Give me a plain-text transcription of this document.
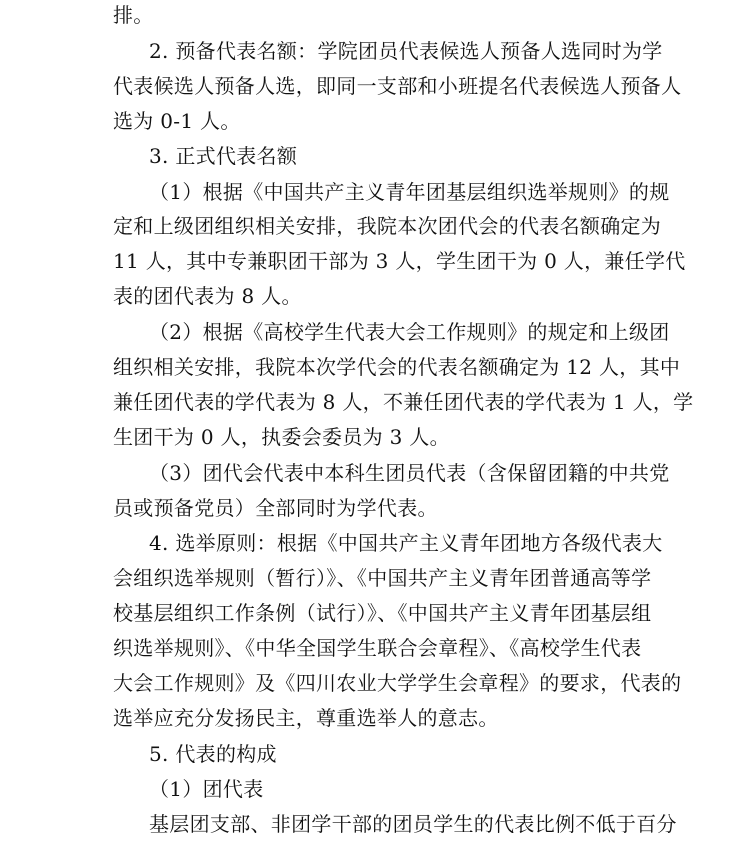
排。
2. 预备代表名额：学院团员代表候选人预备人选同时为学
代表候选人预备人选，即同一支部和小班提名代表候选人预备人
选为 0-1 人。
3. 正式代表名额
（1）根据《中国共产主义青年团基层组织选举规则》的规
定和上级团组织相关安排，我院本次团代会的代表名额确定为
11 人，其中专兼职团干部为 3 人，学生团干为 0 人，兼任学代
表的团代表为 8 人。
（2）根据《高校学生代表大会工作规则》的规定和上级团
组织相关安排，我院本次学代会的代表名额确定为 12 人，其中
兼任团代表的学代表为 8 人，不兼任团代表的学代表为 1 人，学
生团干为 0 人，执委会委员为 3 人。
（3）团代会代表中本科生团员代表（含保留团籍的中共党
员或预备党员）全部同时为学代表。
4. 选举原则：根据《中国共产主义青年团地方各级代表大
会组织选举规则（暂行）》、《中国共产主义青年团普通高等学
校基层组织工作条例（试行）》、《中国共产主义青年团基层组
织选举规则》、《中华全国学生联合会章程》、《高校学生代表
大会工作规则》及《四川农业大学学生会章程》的要求，代表的
选举应充分发扬民主，尊重选举人的意志。
5. 代表的构成
（1）团代表
基层团支部、非团学干部的团员学生的代表比例不低于百分
